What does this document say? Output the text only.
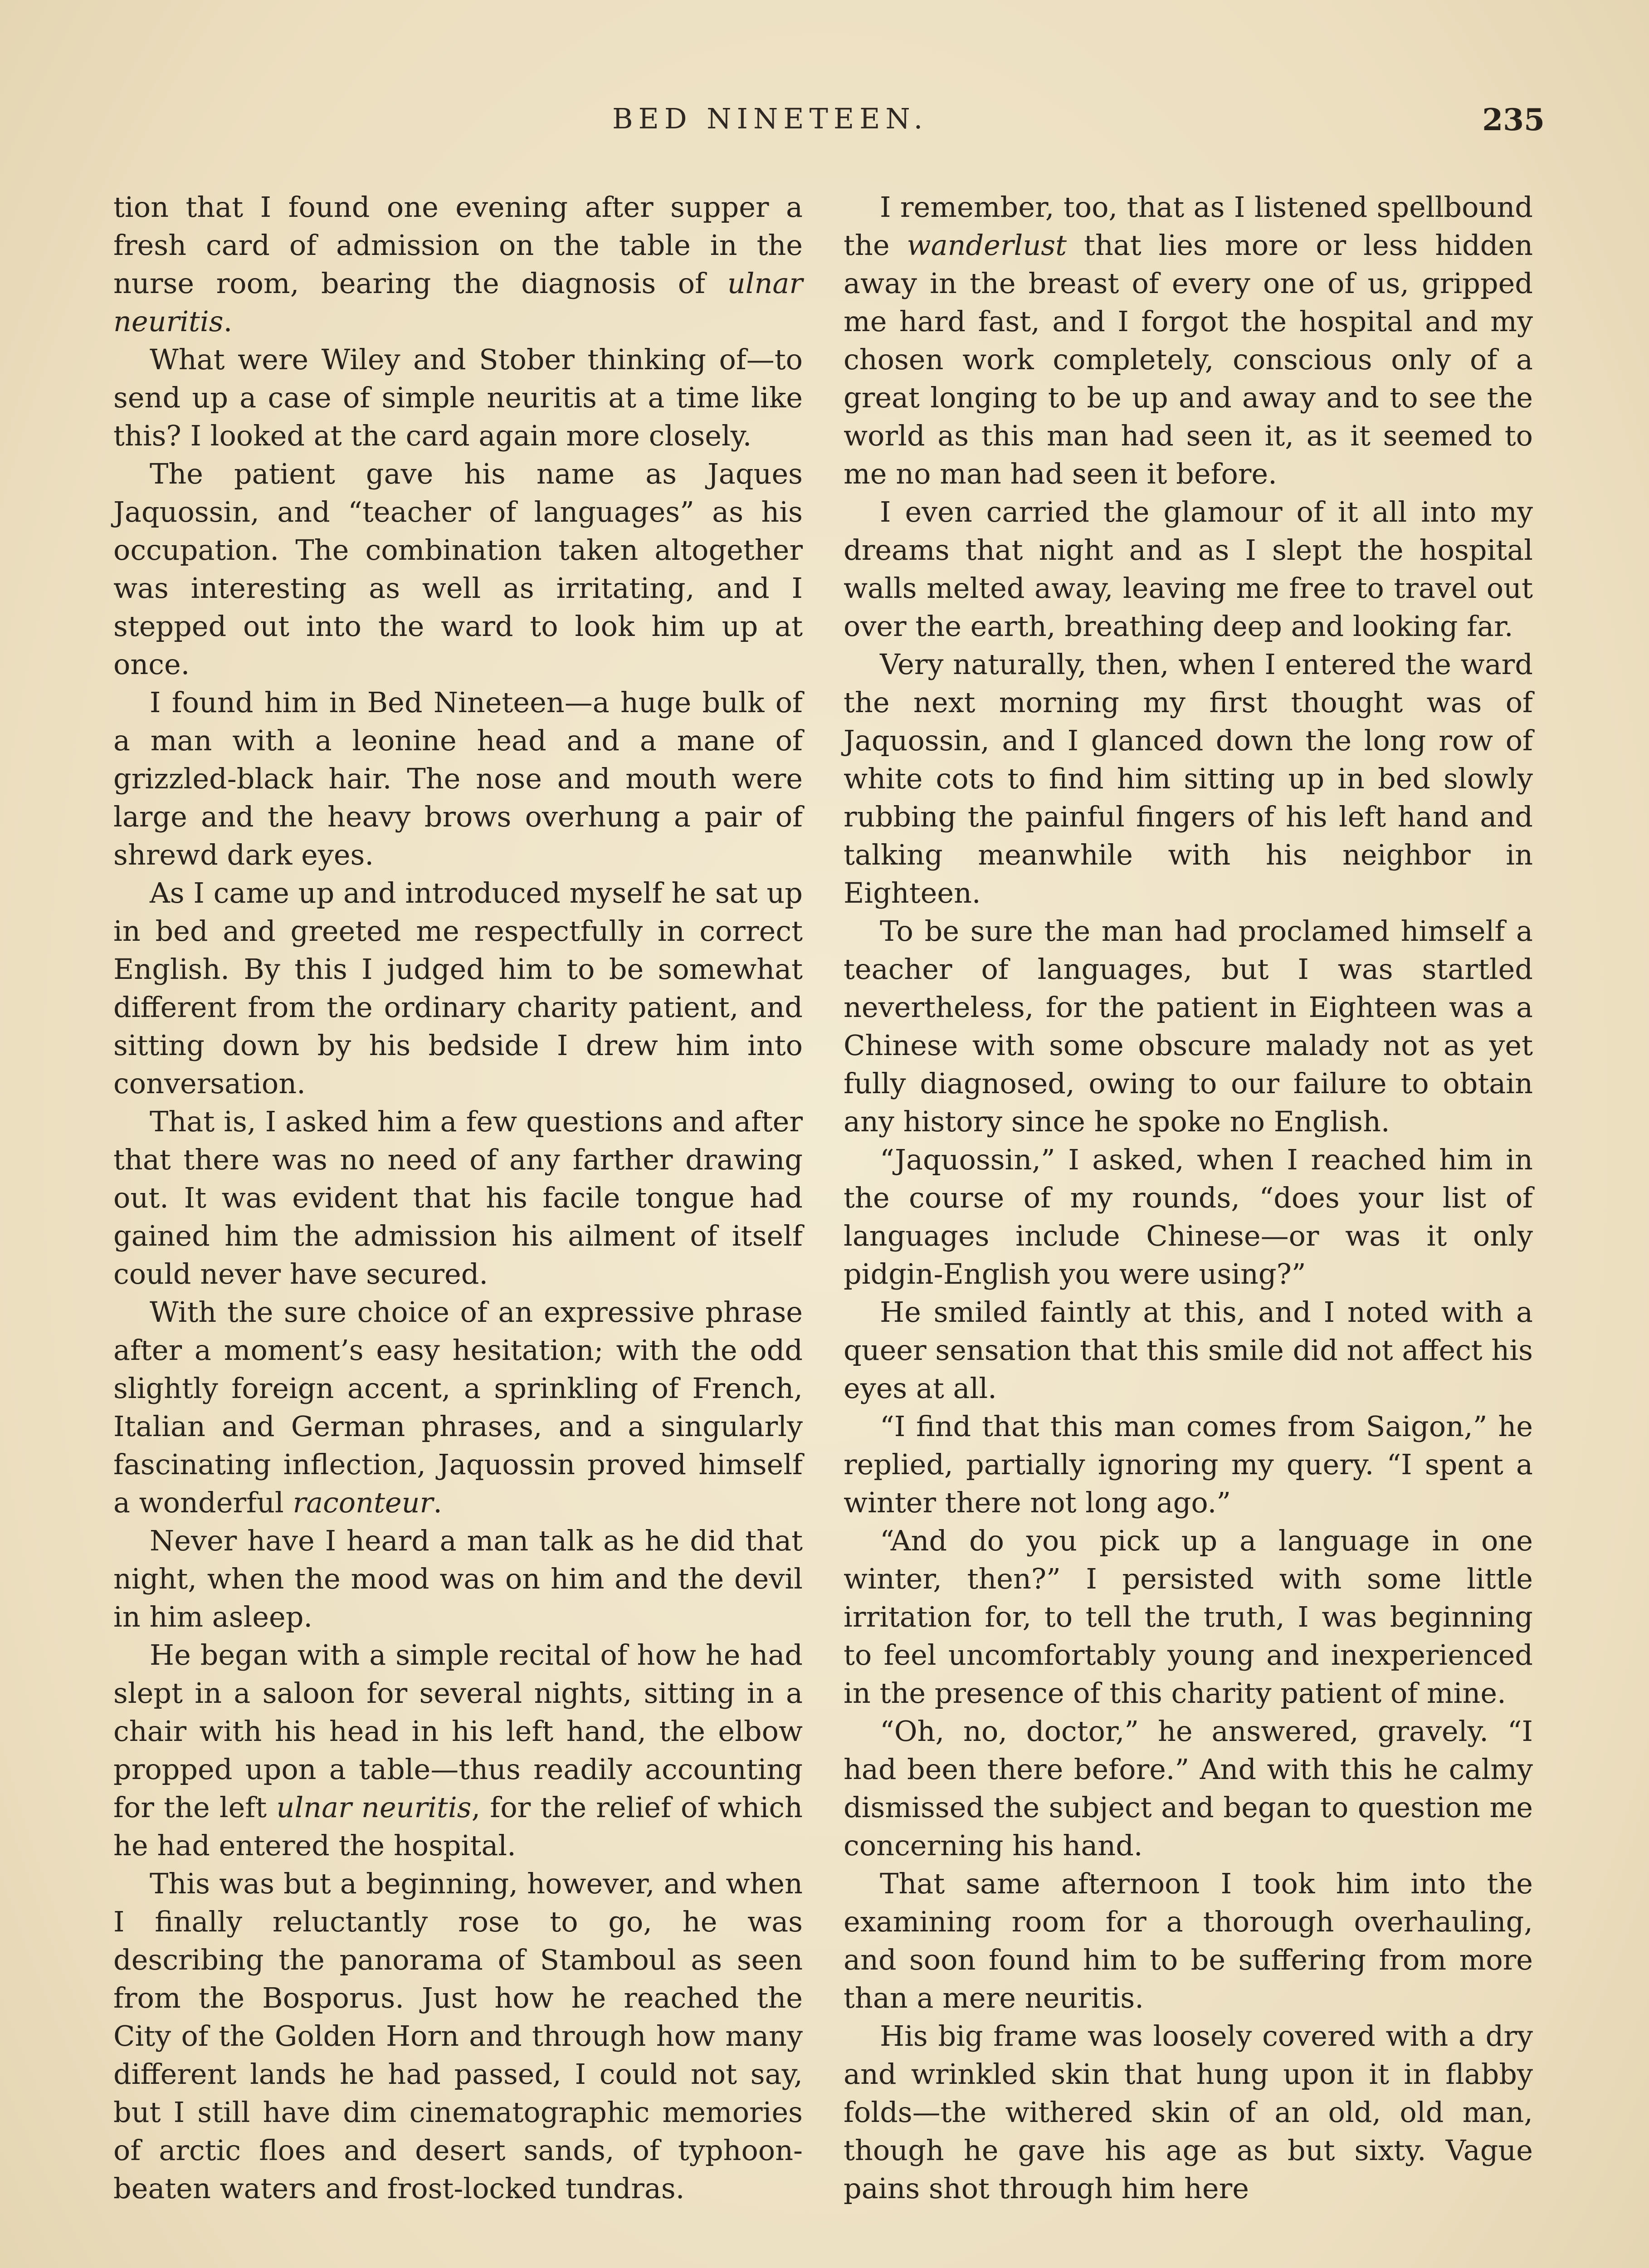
BED NINETEEN.	235

tion that I found one evening after supper a fresh card of admission on the table in the nurse room, bearing the diagnosis of ulnar neuritis.

What were Wiley and Stober thinking of—to send up a case of simple neuritis at a time like this? I looked at the card again more closely.

The patient gave his name as Jaques Jaquossin, and “teacher of languages” as his occupation. The combination taken altogether was interesting as well as irritating, and I stepped out into the ward to look him up at once.

I found him in Bed Nineteen—a huge bulk of a man with a leonine head and a mane of grizzled-black hair. The nose and mouth were large and the heavy brows overhung a pair of shrewd dark eyes.

As I came up and introduced myself he sat up in bed and greeted me respectfully in correct English. By this I judged him to be somewhat different from the ordinary charity patient, and sitting down by his bedside I drew him into conversation.

That is, I asked him a few questions and after that there was no need of any farther drawing out. It was evident that his facile tongue had gained him the admission his ailment of itself could never have secured.

With the sure choice of an expressive phrase after a moment’s easy hesitation; with the odd slightly foreign accent, a sprinkling of French, Italian and German phrases, and a singularly fascinating inflection, Jaquossin proved himself a wonderful raconteur.

Never have I heard a man talk as he did that night, when the mood was on him and the devil in him asleep.

He began with a simple recital of how he had slept in a saloon for several nights, sitting in a chair with his head in his left hand, the elbow propped upon a table—thus readily accounting for the left ulnar neuritis, for the relief of which he had entered the hospital.

This was but a beginning, however, and when I finally reluctantly rose to go, he was describing the panorama of Stamboul as seen from the Bosporus. Just how he reached the City of the Golden Horn and through how many different lands he had passed, I could not say, but I still have dim cinematographic memories of arctic floes and desert sands, of typhoon-beaten waters and frost-locked tundras.

I remember, too, that as I listened spellbound the wanderlust that lies more or less hidden away in the breast of every one of us, gripped me hard fast, and I forgot the hospital and my chosen work completely, conscious only of a great longing to be up and away and to see the world as this man had seen it, as it seemed to me no man had seen it before.

I even carried the glamour of it all into my dreams that night and as I slept the hospital walls melted away, leaving me free to travel out over the earth, breathing deep and looking far.

Very naturally, then, when I entered the ward the next morning my first thought was of Jaquossin, and I glanced down the long row of white cots to find him sitting up in bed slowly rubbing the painful fingers of his left hand and talking meanwhile with his neighbor in Eighteen.

To be sure the man had proclamed himself a teacher of languages, but I was startled nevertheless, for the patient in Eighteen was a Chinese with some obscure malady not as yet fully diagnosed, owing to our failure to obtain any history since he spoke no English.

“Jaquossin,” I asked, when I reached him in the course of my rounds, “does your list of languages include Chinese—or was it only pidgin-English you were using?”

He smiled faintly at this, and I noted with a queer sensation that this smile did not affect his eyes at all.

“I find that this man comes from Saigon,” he replied, partially ignoring my query. “I spent a winter there not long ago.”

“And do you pick up a language in one winter, then?” I persisted with some little irritation for, to tell the truth, I was beginning to feel uncomfortably young and inexperienced in the presence of this charity patient of mine.

“Oh, no, doctor,” he answered, gravely. “I had been there before.” And with this he calmy dismissed the subject and began to question me concerning his hand.

That same afternoon I took him into the examining room for a thorough overhauling, and soon found him to be suffering from more than a mere neuritis.

His big frame was loosely covered with a dry and wrinkled skin that hung upon it in flabby folds—the withered skin of an old, old man, though he gave his age as but sixty. Vague pains shot through him here
